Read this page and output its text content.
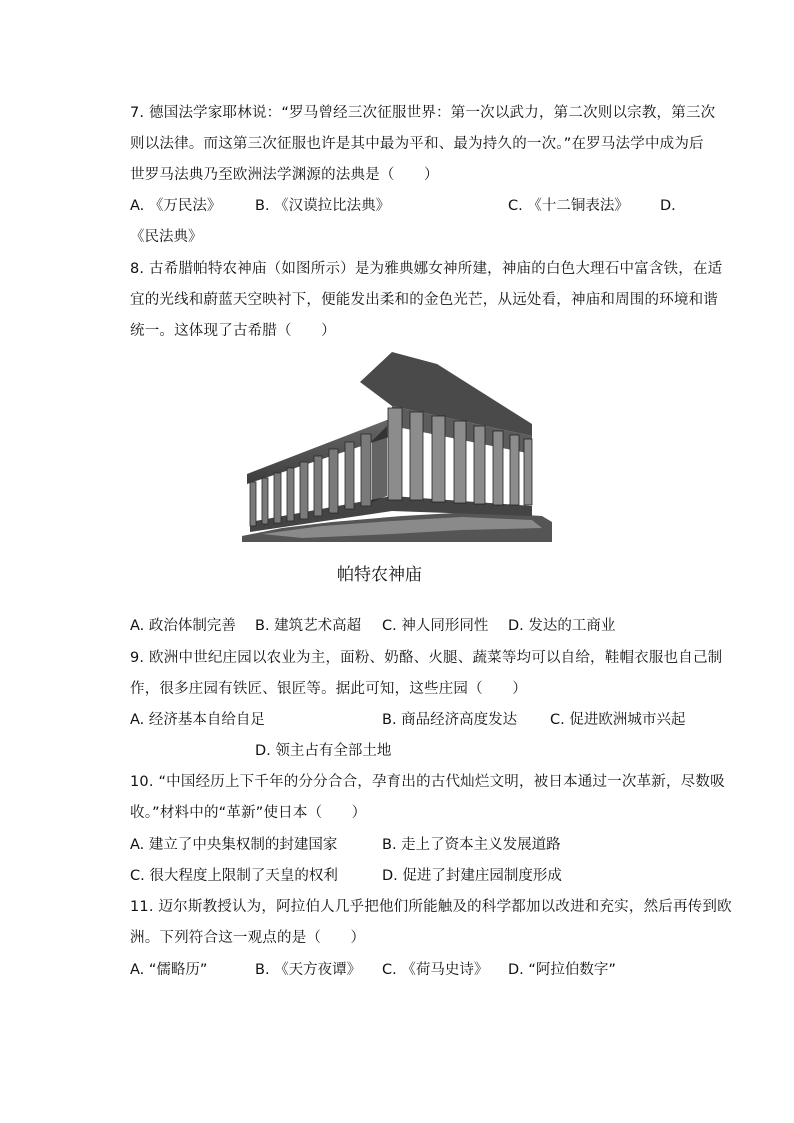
7. 德国法学家耶林说：“罗马曾经三次征服世界：第一次以武力，第二次则以宗教，第三次
则以法律。而这第三次征服也许是其中最为平和、最为持久的一次。”在罗马法学中成为后
世罗马法典乃至欧洲法学渊源的法典是（　　）
A. 《万民法》 B. 《汉谟拉比法典》	C. 《十二铜表法》 D.
《民法典》
8. 古希腊帕特农神庙（如图所示）是为雅典娜女神所建，神庙的白色大理石中富含铁，在适
宜的光线和蔚蓝天空映衬下，便能发出柔和的金色光芒，从远处看，神庙和周围的环境和谐
统一。这体现了古希腊（　　）
帕特农神庙
A. 政治体制完善 B. 建筑艺术高超 C. 神人同形同性 D. 发达的工商业
9. 欧洲中世纪庄园以农业为主，面粉、奶酪、火腿、蔬菜等均可以自给，鞋帽衣服也自己制
作，很多庄园有铁匠、银匠等。据此可知，这些庄园（　　）
A. 经济基本自给自足	B. 商品经济高度发达 C. 促进欧洲城市兴起
D. 领主占有全部土地
10. “中国经历上下千年的分分合合，孕育出的古代灿烂文明，被日本通过一次革新，尽数吸
收。”材料中的“革新”使日本（　　）
A. 建立了中央集权制的封建国家	B. 走上了资本主义发展道路
C. 很大程度上限制了天皇的权利	D. 促进了封建庄园制度形成
11. 迈尔斯教授认为，阿拉伯人几乎把他们所能触及的科学都加以改进和充实，然后再传到欧
洲。下列符合这一观点的是（　　）
A. “儒略历”	B. 《天方夜谭》 C. 《荷马史诗》 D. “阿拉伯数字”
